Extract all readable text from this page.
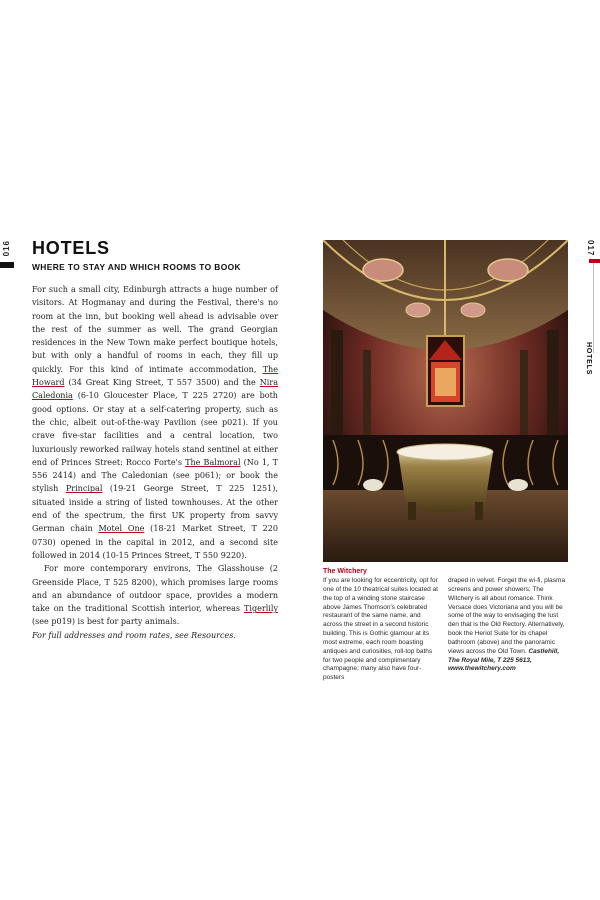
016 HOTELS
WHERE TO STAY AND WHICH ROOMS TO BOOK

For such a small city, Edinburgh attracts a huge number of visitors. At Hogmanay and during the Festival, there's no room at the inn, but booking well ahead is advisable over the rest of the summer as well. The grand Georgian residences in the New Town make perfect boutique hotels, but with only a handful of rooms in each, they fill up quickly. For this kind of intimate accommodation, The Howard (34 Great King Street, T 557 3500) and the Nira Caledonia (6-10 Gloucester Place, T 225 2720) are both good options. Or stay at a self-catering property, such as the chic, albeit out-of-the-way Pavilion (see p021). If you crave five-star facilities and a central location, two luxuriously reworked railway hotels stand sentinel at either end of Princes Street: Rocco Forte's The Balmoral (No 1, T 556 2414) and The Caledonian (see p061); or book the stylish Principal (19-21 George Street, T 225 1251), situated inside a string of listed townhouses. At the other end of the spectrum, the first UK property from savvy German chain Motel One (18-21 Market Street, T 220 0730) opened in the capital in 2012, and a second site followed in 2014 (10-15 Princes Street, T 550 9220).

For more contemporary environs, The Glasshouse (2 Greenside Place, T 525 8200), which promises large rooms and an abundance of outdoor space, provides a modern take on the traditional Scottish interior, whereas Tigerlily (see p019) is best for party animals.

For full addresses and room rates, see Resources.

The Witchery
If you are looking for eccentricity, opt for one of the 10 theatrical suites located at the top of a winding stone staircase above James Thomson's celebrated restaurant of the same name, and across the street in a second historic building. This is Gothic glamour at its most extreme, each room boasting antiques and curiosities, roll-top baths for two people and complimentary champagne; many also have four-posters
draped in velvet. Forget the wi-fi, plasma screens and power showers; The Witchery is all about romance. Think Versace does Victoriana and you will be some of the way to envisaging the lust den that is the Old Rectory. Alternatively, book the Heriot Suite for its chapel bathroom (above) and the panoramic views across the Old Town. Castlehill, The Royal Mile, T 225 5613, www.thewitchery.com
017
HOTELS
